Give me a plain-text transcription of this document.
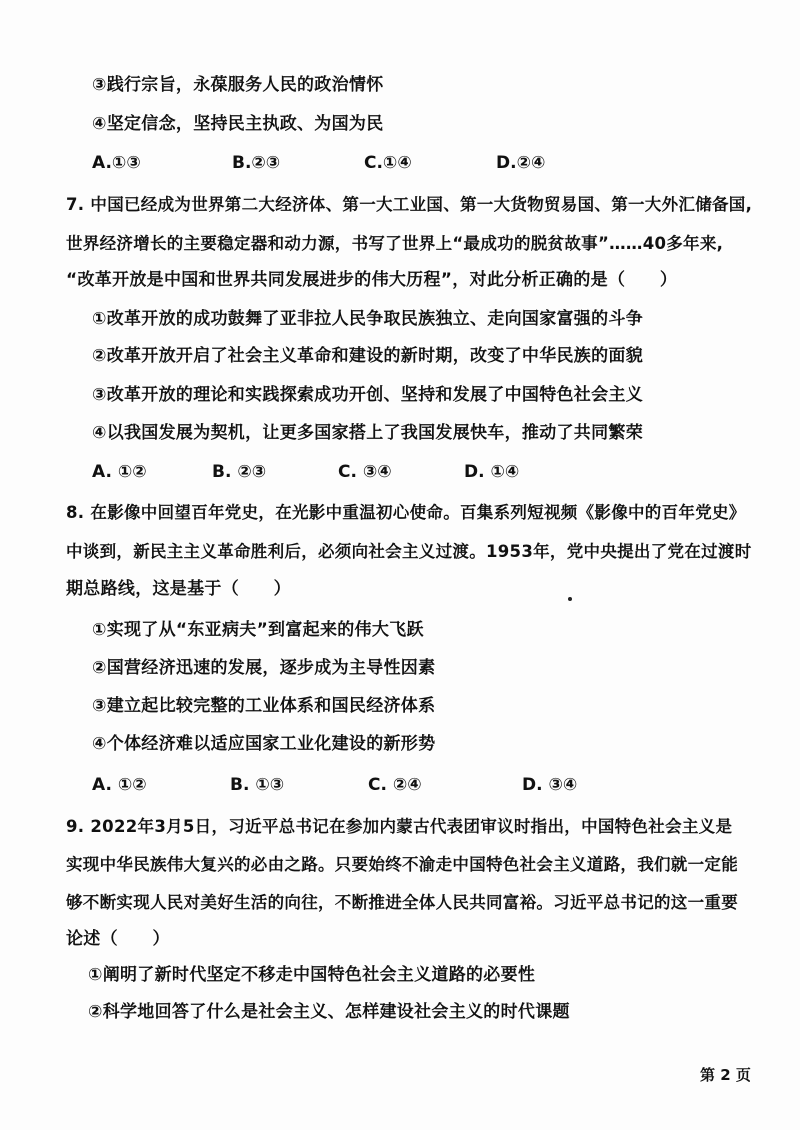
③践行宗旨，永葆服务人民的政治情怀
④坚定信念，坚持民主执政、为国为民
A.①③	B.②③	C.①④	D.②④
7. 中国已经成为世界第二大经济体、第一大工业国、第一大货物贸易国、第一大外汇储备国,
世界经济增长的主要稳定器和动力源，书写了世界上“最成功的脱贫故事”……40多年来,
“改革开放是中国和世界共同发展进步的伟大历程”，对此分析正确的是（　　）
①改革开放的成功鼓舞了亚非拉人民争取民族独立、走向国家富强的斗争
②改革开放开启了社会主义革命和建设的新时期，改变了中华民族的面貌
③改革开放的理论和实践探索成功开创、坚持和发展了中国特色社会主义
④以我国发展为契机，让更多国家搭上了我国发展快车，推动了共同繁荣
A. ①②	B. ②③	C. ③④	D. ①④
8. 在影像中回望百年党史，在光影中重温初心使命。百集系列短视频《影像中的百年党史》
中谈到，新民主主义革命胜利后，必须向社会主义过渡。1953年，党中央提出了党在过渡时
期总路线，这是基于（　　）
①实现了从“东亚病夫”到富起来的伟大飞跃
②国营经济迅速的发展，逐步成为主导性因素
③建立起比较完整的工业体系和国民经济体系
④个体经济难以适应国家工业化建设的新形势
A. ①②	B. ①③	C. ②④	D. ③④
9. 2022年3月5日，习近平总书记在参加内蒙古代表团审议时指出，中国特色社会主义是
实现中华民族伟大复兴的必由之路。只要始终不渝走中国特色社会主义道路，我们就一定能
够不断实现人民对美好生活的向往，不断推进全体人民共同富裕。习近平总书记的这一重要
论述（　　）
①阐明了新时代坚定不移走中国特色社会主义道路的必要性
②科学地回答了什么是社会主义、怎样建设社会主义的时代课题
第 2 页
